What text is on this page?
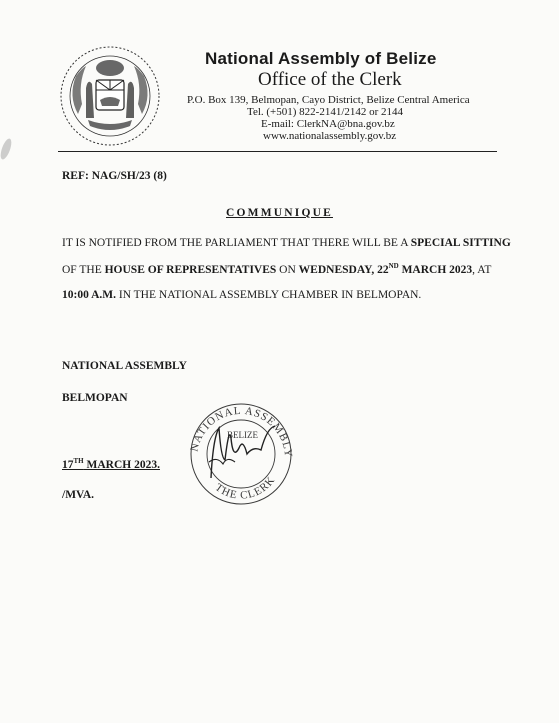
National Assembly of Belize
Office of the Clerk
P.O. Box 139, Belmopan, Cayo District, Belize Central America
Tel. (+501) 822-2141/2142 or 2144
E-mail: ClerkNA@bna.gov.bz
www.nationalassembly.gov.bz
REF: NAG/SH/23 (8)
COMMUNIQUE
IT IS NOTIFIED FROM THE PARLIAMENT THAT THERE WILL BE A SPECIAL SITTING
OF THE HOUSE OF REPRESENTATIVES ON WEDNESDAY, 22ND MARCH 2023, AT
10:00 A.M. IN THE NATIONAL ASSEMBLY CHAMBER IN BELMOPAN.
NATIONAL ASSEMBLY
BELMOPAN
NATIONAL ASSEMBLY
BELIZE
THE CLERK
17TH MARCH 2023.
/MVA.
